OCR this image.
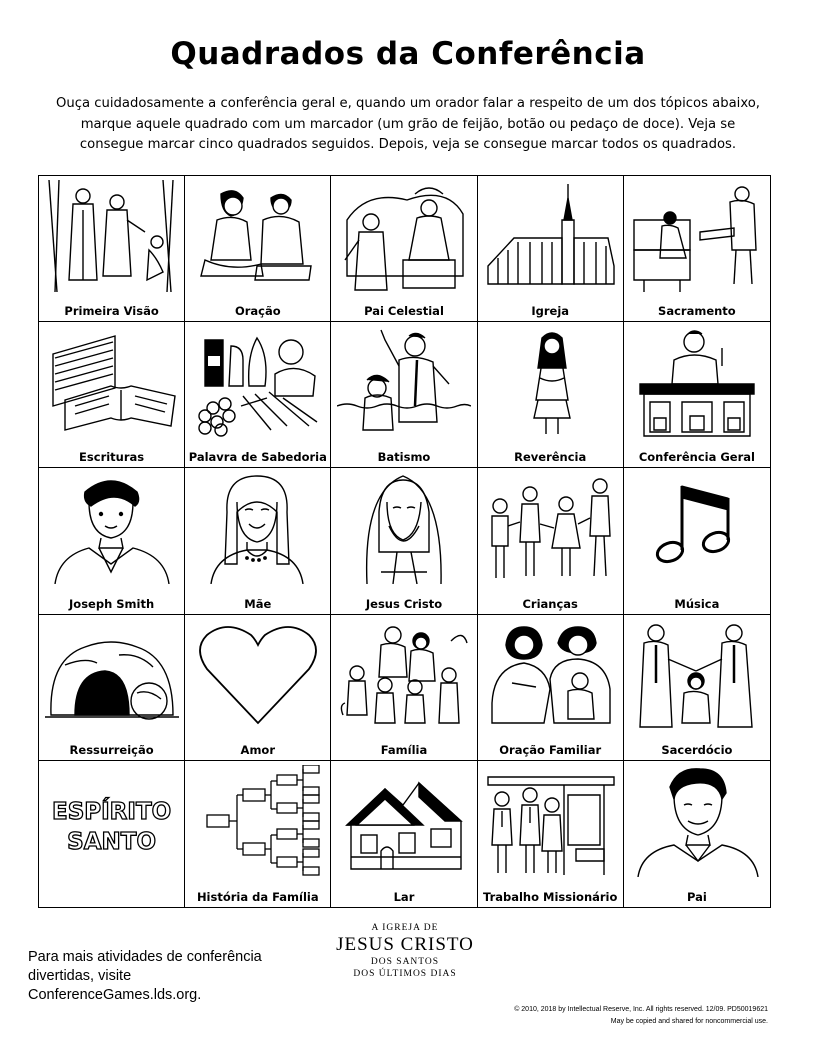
Quadrados da Conferência

Ouça cuidadosamente a conferência geral e, quando um orador falar a respeito de um dos tópicos abaixo,

marque aquele quadrado com um marcador (um grão de feijão, botão ou pedaço de doce). Veja se

consegue marcar cinco quadrados seguidos. Depois, veja se consegue marcar todos os quadrados.

Primeira Visão	Oração	Pai Celestial	Igreja	Sacramento
Escrituras	Palavra de Sabedoria	Batismo	Reverência	Conferência Geral
Joseph Smith	Mãe	Jesus Cristo	Crianças	Música
Ressurreição	Amor	Família	Oração Familiar	Sacerdócio
ESPÍRITO
SANTO
História da Família	Lar	Trabalho Missionário	Pai
Para mais atividades de conferência
divertidas, visite
ConferenceGames.lds.org.
A IGREJA DE
JESUS CRISTO
DOS SANTOS
DOS ÚLTIMOS DIAS
© 2010, 2018 by Intellectual Reserve, Inc. All rights reserved. 12/09. PD50019621
May be copied and shared for noncommercial use.
